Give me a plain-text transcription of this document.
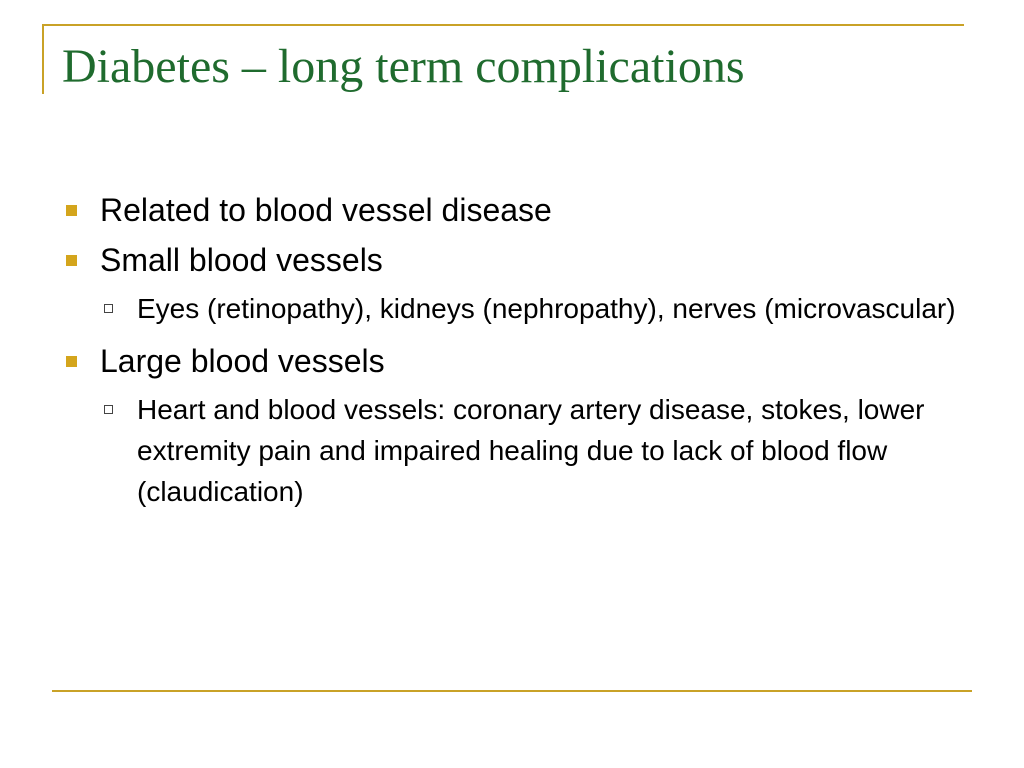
Diabetes – long term complications
Related to blood vessel disease
Small blood vessels
Eyes (retinopathy), kidneys (nephropathy), nerves (microvascular)
Large blood vessels
Heart and blood vessels: coronary artery disease, stokes, lower extremity pain and impaired healing due to lack of blood flow (claudication)
